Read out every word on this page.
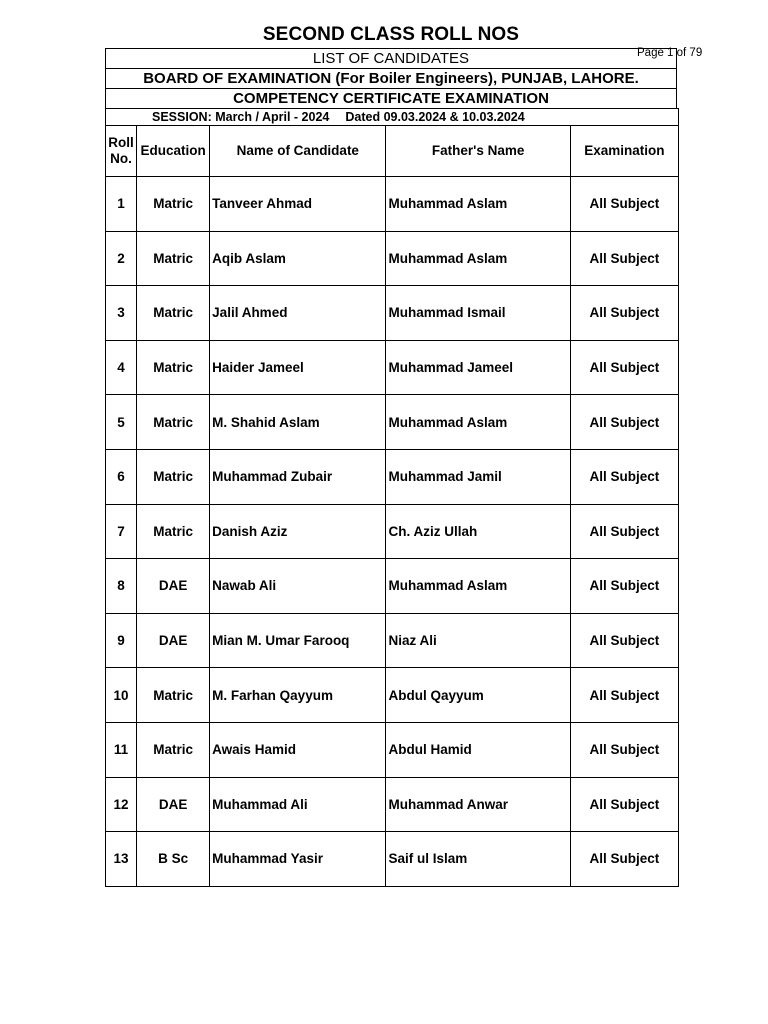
SECOND CLASS ROLL NOS
Page 1 of 79
LIST OF CANDIDATES
BOARD OF EXAMINATION (For Boiler Engineers), PUNJAB, LAHORE.
COMPETENCY CERTIFICATE EXAMINATION
SESSION: March / April - 2024 Dated 09.03.2024 & 10.03.2024
Roll
No.	Education	Name of Candidate	Father's Name	Examination
1	Matric	Tanveer Ahmad	Muhammad Aslam	All Subject
2	Matric	Aqib Aslam	Muhammad Aslam	All Subject
3	Matric	Jalil Ahmed	Muhammad Ismail	All Subject
4	Matric	Haider Jameel	Muhammad Jameel	All Subject
5	Matric	M. Shahid Aslam	Muhammad Aslam	All Subject
6	Matric	Muhammad Zubair	Muhammad Jamil	All Subject
7	Matric	Danish Aziz	Ch. Aziz Ullah	All Subject
8	DAE	Nawab Ali	Muhammad Aslam	All Subject
9	DAE	Mian M. Umar Farooq	Niaz Ali	All Subject
10	Matric	M. Farhan Qayyum	Abdul Qayyum	All Subject
11	Matric	Awais Hamid	Abdul Hamid	All Subject
12	DAE	Muhammad Ali	Muhammad Anwar	All Subject
13	B Sc	Muhammad Yasir	Saif ul Islam	All Subject
